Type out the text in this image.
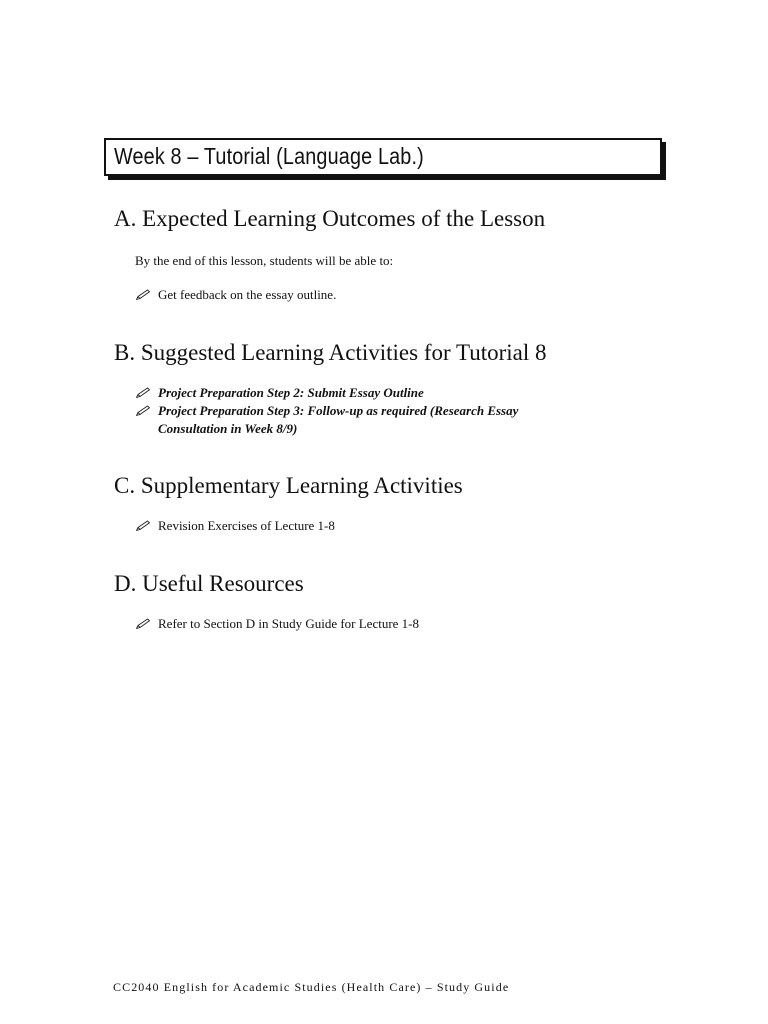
Week 8 – Tutorial (Language Lab.)
A. Expected Learning Outcomes of the Lesson
By the end of this lesson, students will be able to:
Get feedback on the essay outline.
B. Suggested Learning Activities for Tutorial 8
Project Preparation Step 2: Submit Essay Outline
Project Preparation Step 3: Follow-up as required (Research Essay
Consultation in Week 8/9)
C. Supplementary Learning Activities
Revision Exercises of Lecture 1-8
D. Useful Resources
Refer to Section D in Study Guide for Lecture 1-8
CC2040 English for Academic Studies (Health Care) – Study Guide
